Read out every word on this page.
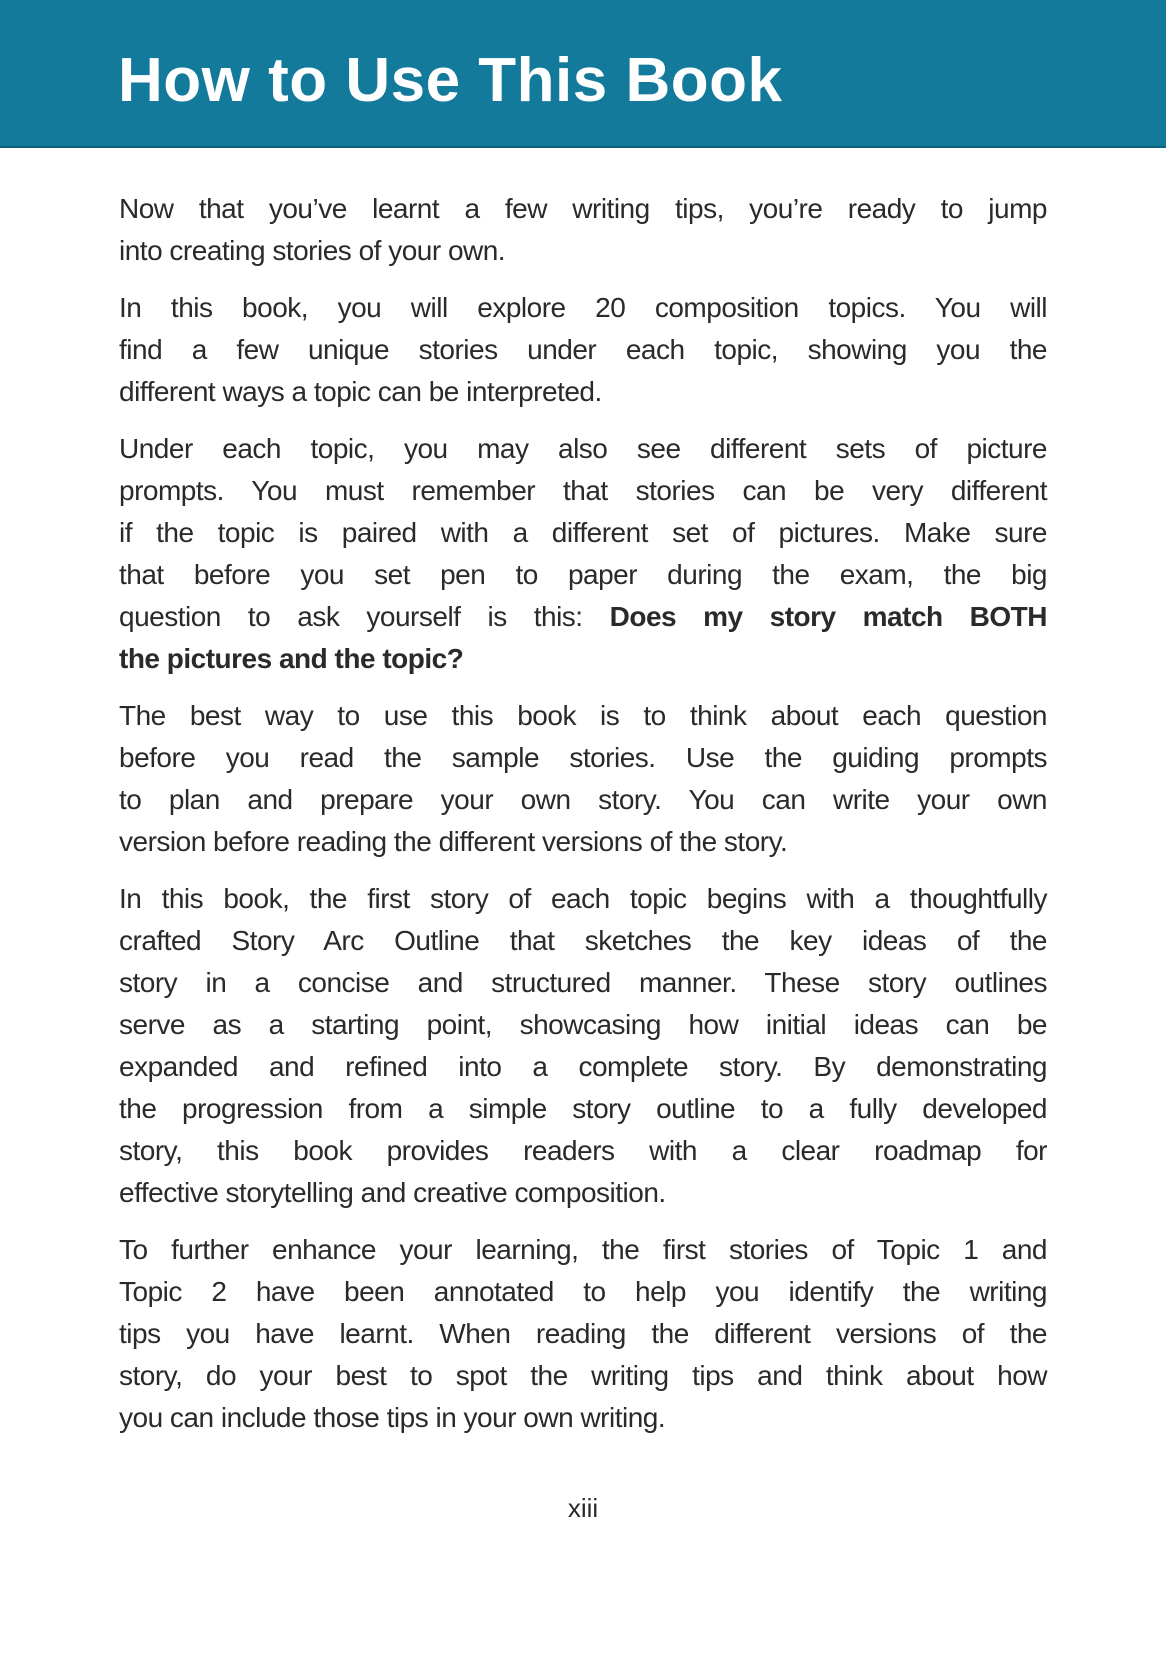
How to Use This Book
Now that you’ve learnt a few writing tips, you’re ready to jump
into creating stories of your own.
In this book, you will explore 20 composition topics. You will
find a few unique stories under each topic, showing you the
different ways a topic can be interpreted.
Under each topic, you may also see different sets of picture
prompts. You must remember that stories can be very different
if the topic is paired with a different set of pictures. Make sure
that before you set pen to paper during the exam, the big
question to ask yourself is this: Does my story match BOTH
the pictures and the topic?
The best way to use this book is to think about each question
before you read the sample stories. Use the guiding prompts
to plan and prepare your own story. You can write your own
version before reading the different versions of the story.
In this book, the first story of each topic begins with a thoughtfully
crafted Story Arc Outline that sketches the key ideas of the
story in a concise and structured manner. These story outlines
serve as a starting point, showcasing how initial ideas can be
expanded and refined into a complete story. By demonstrating
the progression from a simple story outline to a fully developed
story, this book provides readers with a clear roadmap for
effective storytelling and creative composition.
To further enhance your learning, the first stories of Topic 1 and
Topic 2 have been annotated to help you identify the writing
tips you have learnt. When reading the different versions of the
story, do your best to spot the writing tips and think about how
you can include those tips in your own writing.
xiii
